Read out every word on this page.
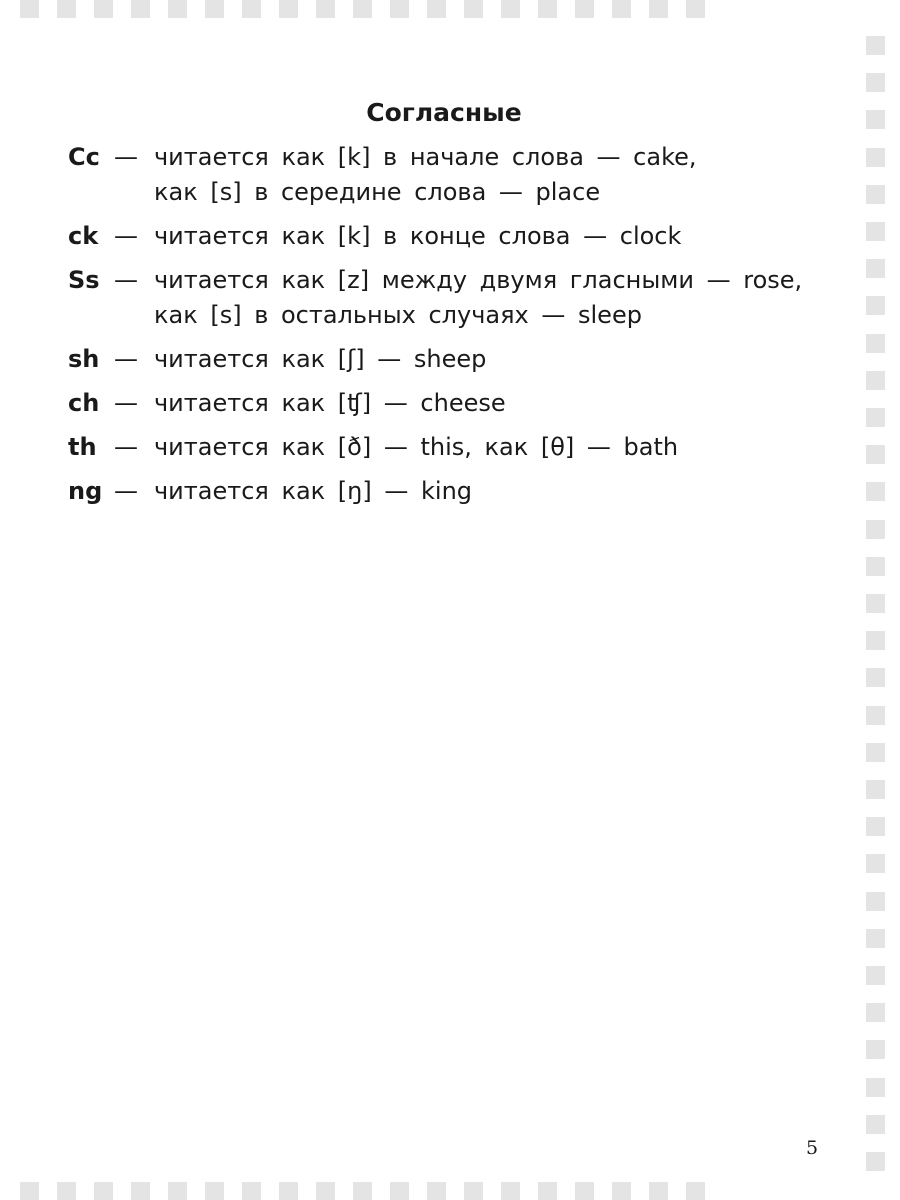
Согласные
Cc — читается как [k] в начале слова — cake,
как [s] в середине слова — place
ck — читается как [k] в конце слова — clock
Ss — читается как [z] между двумя гласными — rose,
как [s] в остальных случаях — sleep
sh — читается как [ʃ] — sheep
ch — читается как [ʧ] — cheese
th — читается как [ð] — this, как [θ] — bath
ng — читается как [ŋ] — king
5
